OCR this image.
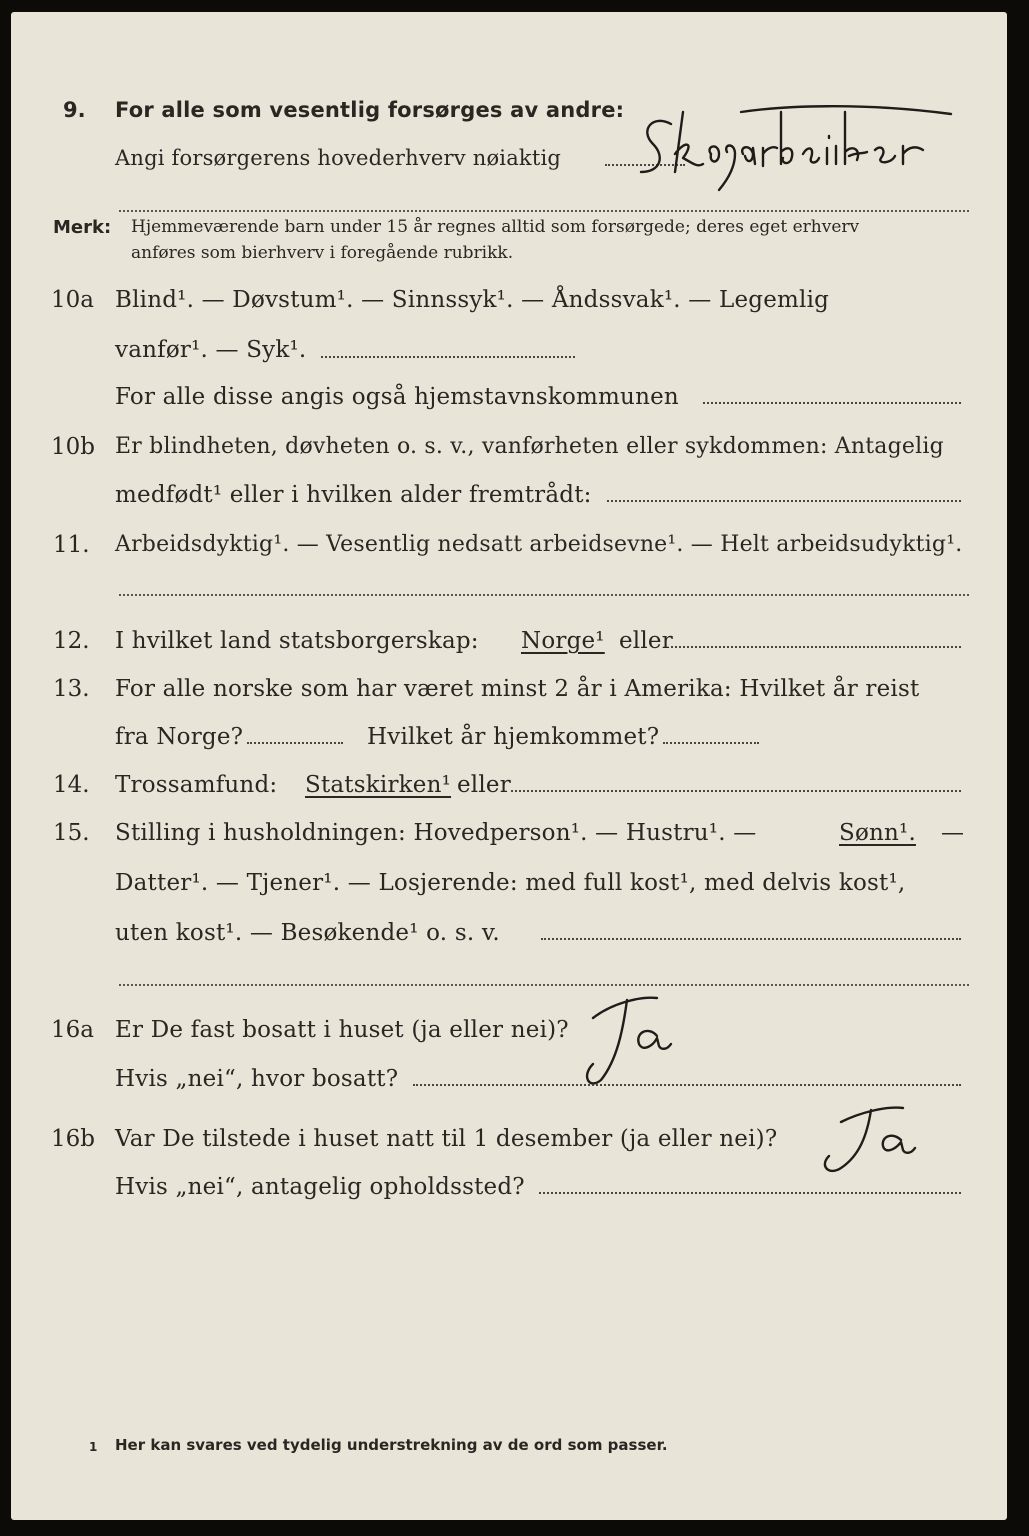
9. For alle som vesentlig forsørges av andre:
Angi forsørgerens hovederhverv nøiaktig
Merk: Hjemmeværende barn under 15 år regnes alltid som forsørgede; deres eget erhverv
anføres som bierhverv i foregående rubrikk.
10a Blind¹. — Døvstum¹. — Sinnssyk¹. — Åndssvak¹. — Legemlig
vanfør¹. — Syk¹.
For alle disse angis også hjemstavnskommunen
10b Er blindheten, døvheten o. s. v., vanførheten eller sykdommen: Antagelig
medfødt¹ eller i hvilken alder fremtrådt:
11. Arbeidsdyktig¹. — Vesentlig nedsatt arbeidsevne¹. — Helt arbeidsudyktig¹.
12. I hvilket land statsborgerskap: Norge¹ eller
13. For alle norske som har været minst 2 år i Amerika: Hvilket år reist
fra Norge?	Hvilket år hjemkommet?
14. Trossamfund: Statskirken¹ eller
15. Stilling i husholdningen: Hovedperson¹. — Hustru¹. —	Sønn¹. —
Datter¹. — Tjener¹. — Losjerende: med full kost¹, med delvis kost¹,
uten kost¹. — Besøkende¹ o. s. v.
16a Er De fast bosatt i huset (ja eller nei)?
Hvis „nei“, hvor bosatt?
16b Var De tilstede i huset natt til 1 desember (ja eller nei)?
Hvis „nei“, antagelig opholdssted?
1 Her kan svares ved tydelig understrekning av de ord som passer.
